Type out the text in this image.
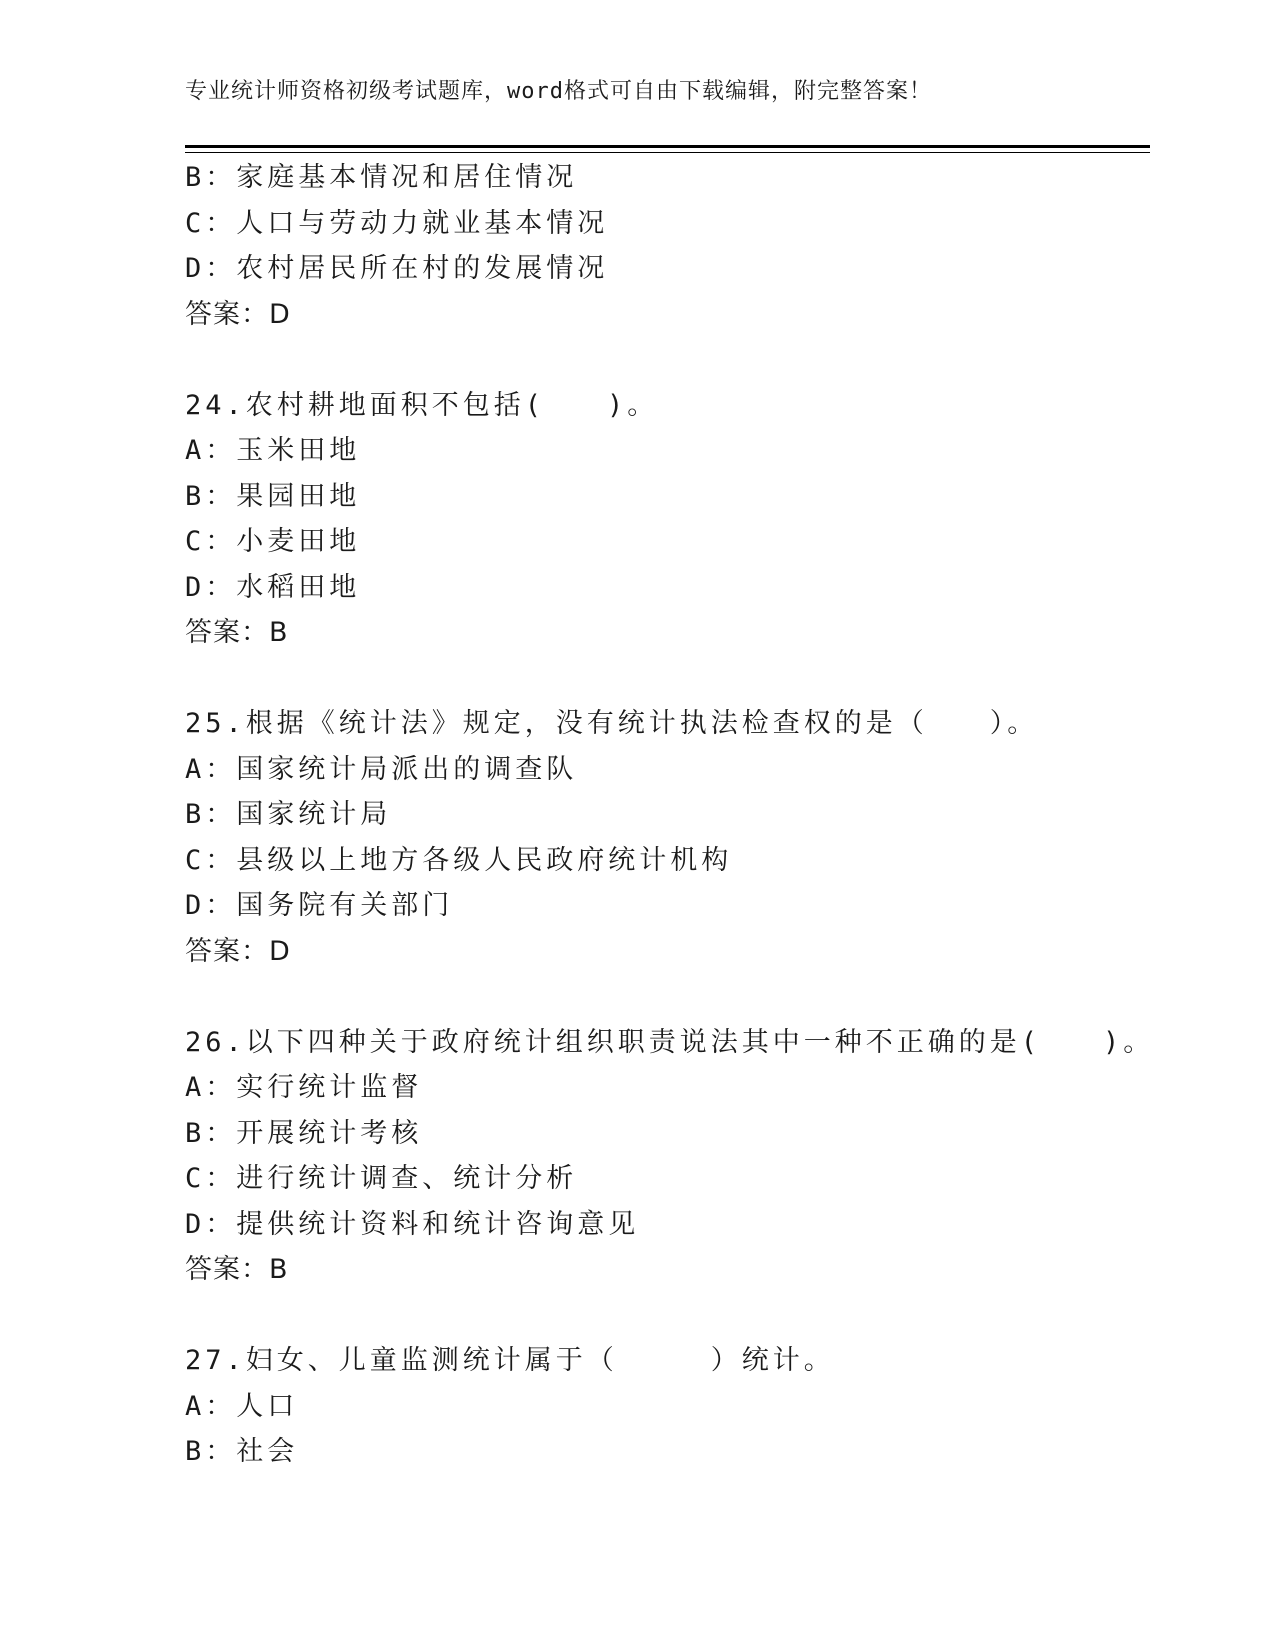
专业统计师资格初级考试题库，word格式可自由下载编辑，附完整答案！
B：家庭基本情况和居住情况
C：人口与劳动力就业基本情况
D：农村居民所在村的发展情况
答案：D
24.农村耕地面积不包括(　　)。
A：玉米田地
B：果园田地
C：小麦田地
D：水稻田地
答案：B
25.根据《统计法》规定，没有统计执法检查权的是（　　）。
A：国家统计局派出的调查队
B：国家统计局
C：县级以上地方各级人民政府统计机构
D：国务院有关部门
答案：D
26.以下四种关于政府统计组织职责说法其中一种不正确的是(　　)。
A：实行统计监督
B：开展统计考核
C：进行统计调查、统计分析
D：提供统计资料和统计咨询意见
答案：B
27.妇女、儿童监测统计属于（　　　）统计。
A：人口
B：社会
